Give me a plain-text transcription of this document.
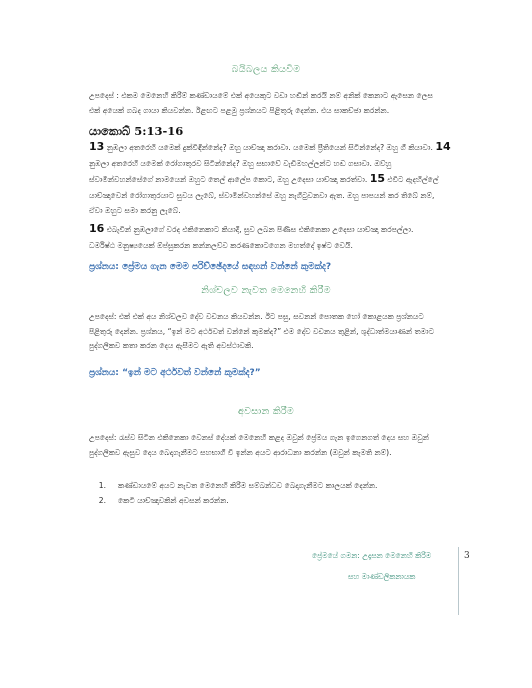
බයිබලය කියවීම
උපදෙස් : එකම මෙනෙහි කිරීම් කණ්ඩායමේ එක් අයෙකුට වඩා හඬින් කරයි නම් අනික් කෙනාට ඇසෙන ලෙස
එක් අයෙක් ගබද ගායා කියවන්න. ඊළඟට පළමු ප්‍රශ්නයට පිළිතුරු දෙන්න. එය සාකච්ඡා කරන්න.
යාකොබ් 5:13-16
13 නුඹලා අතරෙහි යමෙක් දුක්විඳින්නේද? ඔහු යාච්ඤා කරාවා. යමෙක් ප්‍රීතියෙන් සිටින්නේද? ඔහු ගී කියාවා. 14
නුඹලා අතරෙහි යමෙක් රෝගාතුරව සිටින්නේද? ඔහු සභාවේ වැඩිමහල්ලන්ට හඬ ගසාවා. ඔව්හු
ස්වාමීන්වහන්සේගේ නාමයෙන් ඔහුට තෙල් ආලේප කොට, ඔහු උදෙසා යාච්ඤා කරත්වා. 15 එවිට ඇදහිල්ලේ
යාච්ඤාවෙන් රෝගාතුරයාට සුවය ලැබේ, ස්වාමීන්වහන්සේ ඔහු නැගිටුවනවා ඇත. ඔහු පාපයන් කර තිබේ නම්,
ඒවා ඔහුට සමා කරනු ලැබේ.
16 එබැවින් නුඹලාගේ වරද එකිනෙකාට කියාදී, සුව ලබන පිණිස එකිනෙකා උදෙසා යාච්ඤා කරපල්ලා.
ධර්මිෂ්ඨ මනුෂ්‍යයෙක් ඕප්සුකරන කන්නලව්ව කරණකොටගෙන මහත්දේ ඉෂ්ට වෙයි.
ප්‍රශ්නය: ප්‍රේමය ගැන මෙම පරිච්ඡේදයේ සඳහන් වන්නේ කුමක්ද?
නිශ්චලව නැවත මෙනෙහි කිරීම
උපදෙස්: එක් එක් අය නිශ්චලව දේව වචනය කියවන්න. ඊට පසු, සවනන් පොතක හෝ කොළයක ප්‍රශ්නයට
පිළිතුරු දෙන්න. ප්‍රශ්නය, “ඉන් මට අර්ථවත් වන්නේ කුමක්ද?” එම දේව වචනය තුළින්, ශුද්ධාත්මයාණන් තමාට
පුද්ගලිකව කතා කරන දෙය ඇසීමට ඇති අවස්ථාවකි.
ප්‍රශ්නය: “ඉන් මට අර්ථවත් වන්නේ කුමක්ද?”
අවසාන කිරීම
උපදෙස්: රැස්ව සිටින එකිනෙකා වෙනස් දේයක් මෙනෙහි කළද ඔවුන් ප්‍රේමය ගැන ඉගෙනගත් දෙය සහ ඔවුන්
පුද්ගලිකව ඇසුව දෙය බෙදාගැනීමට සහභාගී වී ඉන්න අයට ආරාධනා කරන්න (ඔවුන් කැමති නම්).
1. කණ්ඩායමේ අයට නැවත මෙනෙහි කිරීම සම්බන්ධව බෙදාගැනීමට කාලයක් දෙන්න.
2. කෙටි යාච්ඤාවකින් අවසන් කරන්න.
ප්‍රේමයේ ගමන: උදෑසන මෙනෙහි කිරීම
සහ මාණ්ඩලිකනායක
3
